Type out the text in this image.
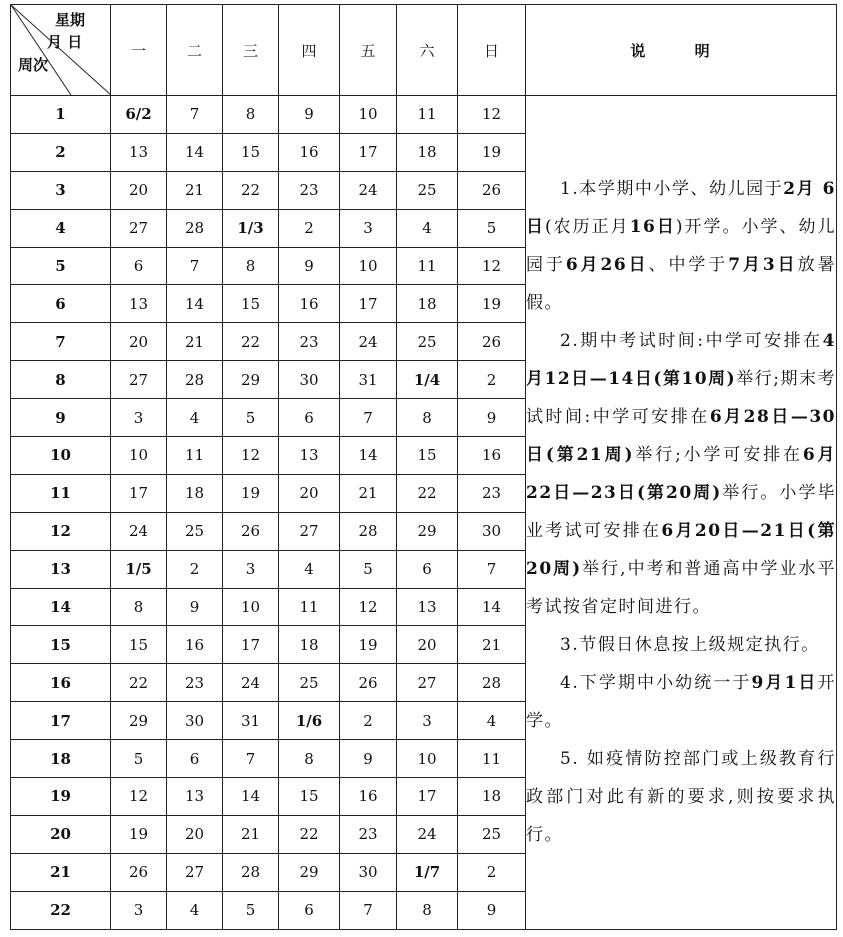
星期
月 日
周次	一	二	三	四	五	六	日	说 明
1	6/2	7	8	9	10	11	12	1.本学期中小学、幼儿园于2月 6日(农历正月16日)开学。小学、幼儿园于6月26日、中学于7月3日放暑假。

2.期中考试时间:中学可安排在4月12日—14日(第10周)举行;期末考试时间:中学可安排在6月28日—30日(第21周)举行;小学可安排在6月22日—23日(第20周)举行。小学毕业考试可安排在6月20日—21日(第20周)举行,中考和普通高中学业水平考试按省定时间进行。

3.节假日休息按上级规定执行。

4.下学期中小幼统一于9月1日开学。

5. 如疫情防控部门或上级教育行政部门对此有新的要求,则按要求执行。

2	13	14	15	16	17	18	19	
3	20	21	22	23	24	25	26	
4	27	28	1/3	2	3	4	5	
5	6	7	8	9	10	11	12	
6	13	14	15	16	17	18	19	
7	20	21	22	23	24	25	26	
8	27	28	29	30	31	1/4	2	
9	3	4	5	6	7	8	9	
10	10	11	12	13	14	15	16	
11	17	18	19	20	21	22	23	
12	24	25	26	27	28	29	30	
13	1/5	2	3	4	5	6	7	
14	8	9	10	11	12	13	14	
15	15	16	17	18	19	20	21	
16	22	23	24	25	26	27	28	
17	29	30	31	1/6	2	3	4	
18	5	6	7	8	9	10	11	
19	12	13	14	15	16	17	18	
20	19	20	21	22	23	24	25	
21	26	27	28	29	30	1/7	2	
22	3	4	5	6	7	8	9	
